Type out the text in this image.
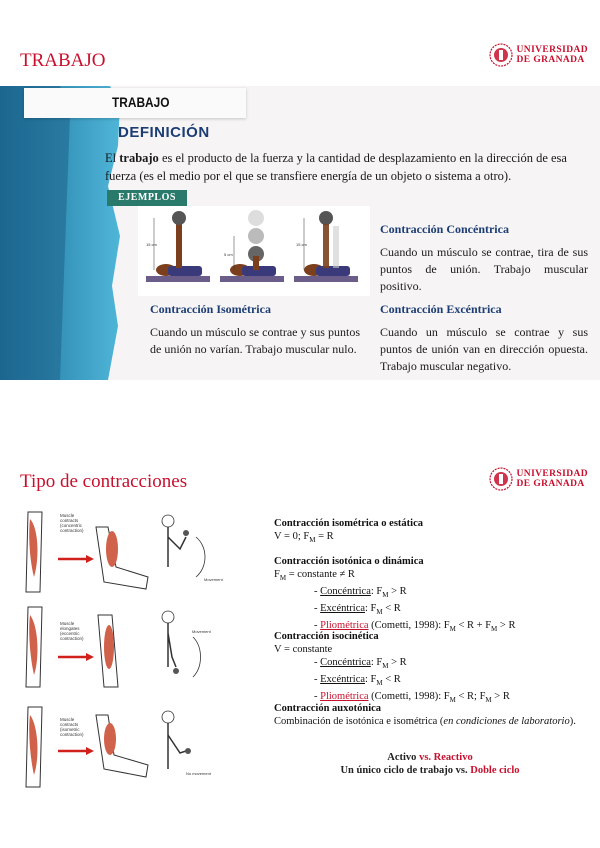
TRABAJO	UNIVERSIDAD
DE GRANADA
TRABAJO
DEFINICIÓN
El trabajo es el producto de la fuerza y la cantidad de desplazamiento en la dirección de esa fuerza (es el medio por el que se transfiere energía de un objeto o sistema a otro).
EJEMPLOS
15 cm
5 cm
15 cm
Contracción Concéntrica
Cuando un músculo se contrae, tira de sus puntos de unión. Trabajo muscular positivo.
Contracción Isométrica
Cuando un músculo se contrae y sus puntos de unión no varían. Trabajo muscular nulo.
Contracción Excéntrica
Cuando un músculo se contrae y sus puntos de unión van en dirección opuesta. Trabajo muscular negativo.
Tipo de contracciones	UNIVERSIDAD
DE GRANADA
Muscle
contracts
(concentric
contraction)
Movement
Muscle
elongates
(eccentric
contraction)
Movement
Muscle
contracts
(isometric
contraction)
No movement
Contracción isométrica o estática
V = 0; $F_M = R$
Contracción isotónica o dinámica
$F_M$ = constante ≠ R
- Concéntrica: $F_M > R$
- Excéntrica: $F_M < R$
- Pliométrica (Cometti, 1998): $F_M < R + F_M > R$
Contracción isocinética
V = constante
- Concéntrica: $F_M > R$
- Excéntrica: $F_M < R$
- Pliométrica (Cometti, 1998): $F_M < R$; $F_M > R$
Contracción auxotónica
Combinación de isotónica e isométrica (en condiciones de laboratorio).
Activo vs. Reactivo
Un único ciclo de trabajo vs. Doble ciclo
